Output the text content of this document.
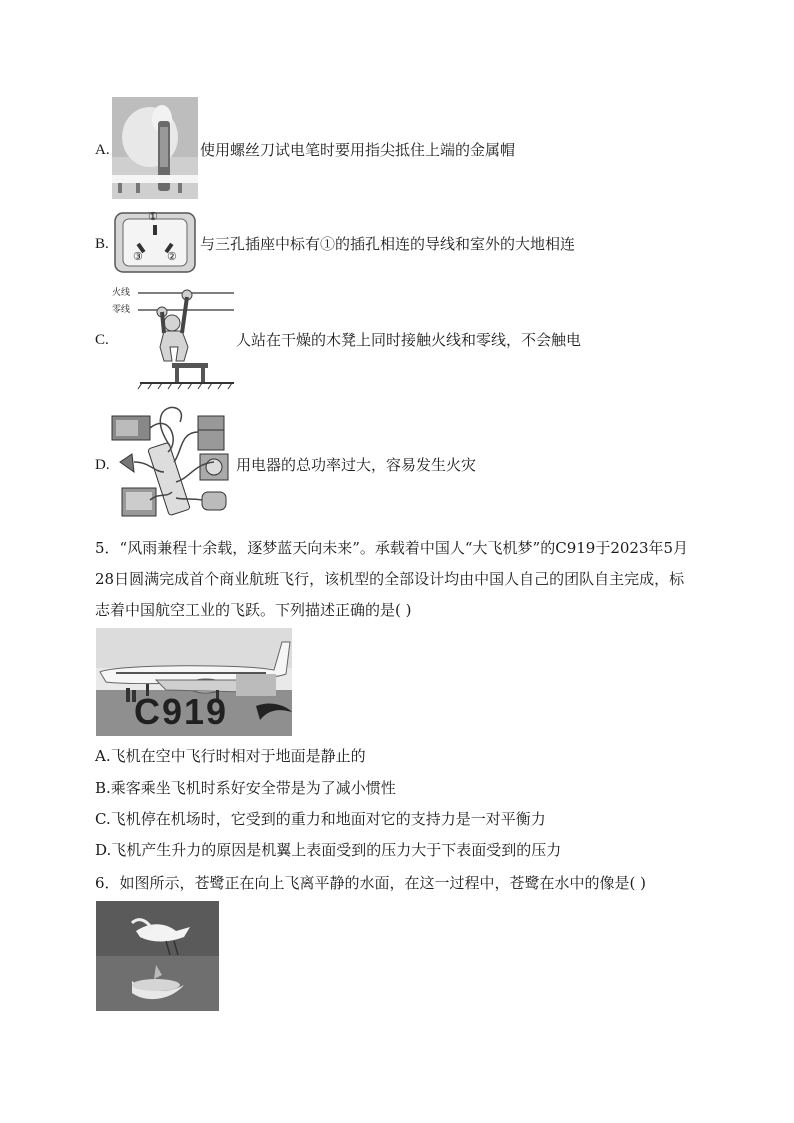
A.	使用螺丝刀试电笔时要用指尖抵住上端的金属帽
B.
①
③ ②
与三孔插座中标有①的插孔相连的导线和室外的大地相连
C.
火线
零线
人站在干燥的木凳上同时接触火线和零线，不会触电
D.	用电器的总功率过大，容易发生火灾
5．“风雨兼程十余载，逐梦蓝天向未来”。承载着中国人“大飞机梦”的C919于2023年5月28日圆满完成首个商业航班飞行，该机型的全部设计均由中国人自己的团队自主完成，标志着中国航空工业的飞跃。下列描述正确的是( )
C919
A.飞机在空中飞行时相对于地面是静止的
B.乘客乘坐飞机时系好安全带是为了减小惯性
C.飞机停在机场时，它受到的重力和地面对它的支持力是一对平衡力
D.飞机产生升力的原因是机翼上表面受到的压力大于下表面受到的压力
6．如图所示，苍鹭正在向上飞离平静的水面，在这一过程中，苍鹭在水中的像是( )
